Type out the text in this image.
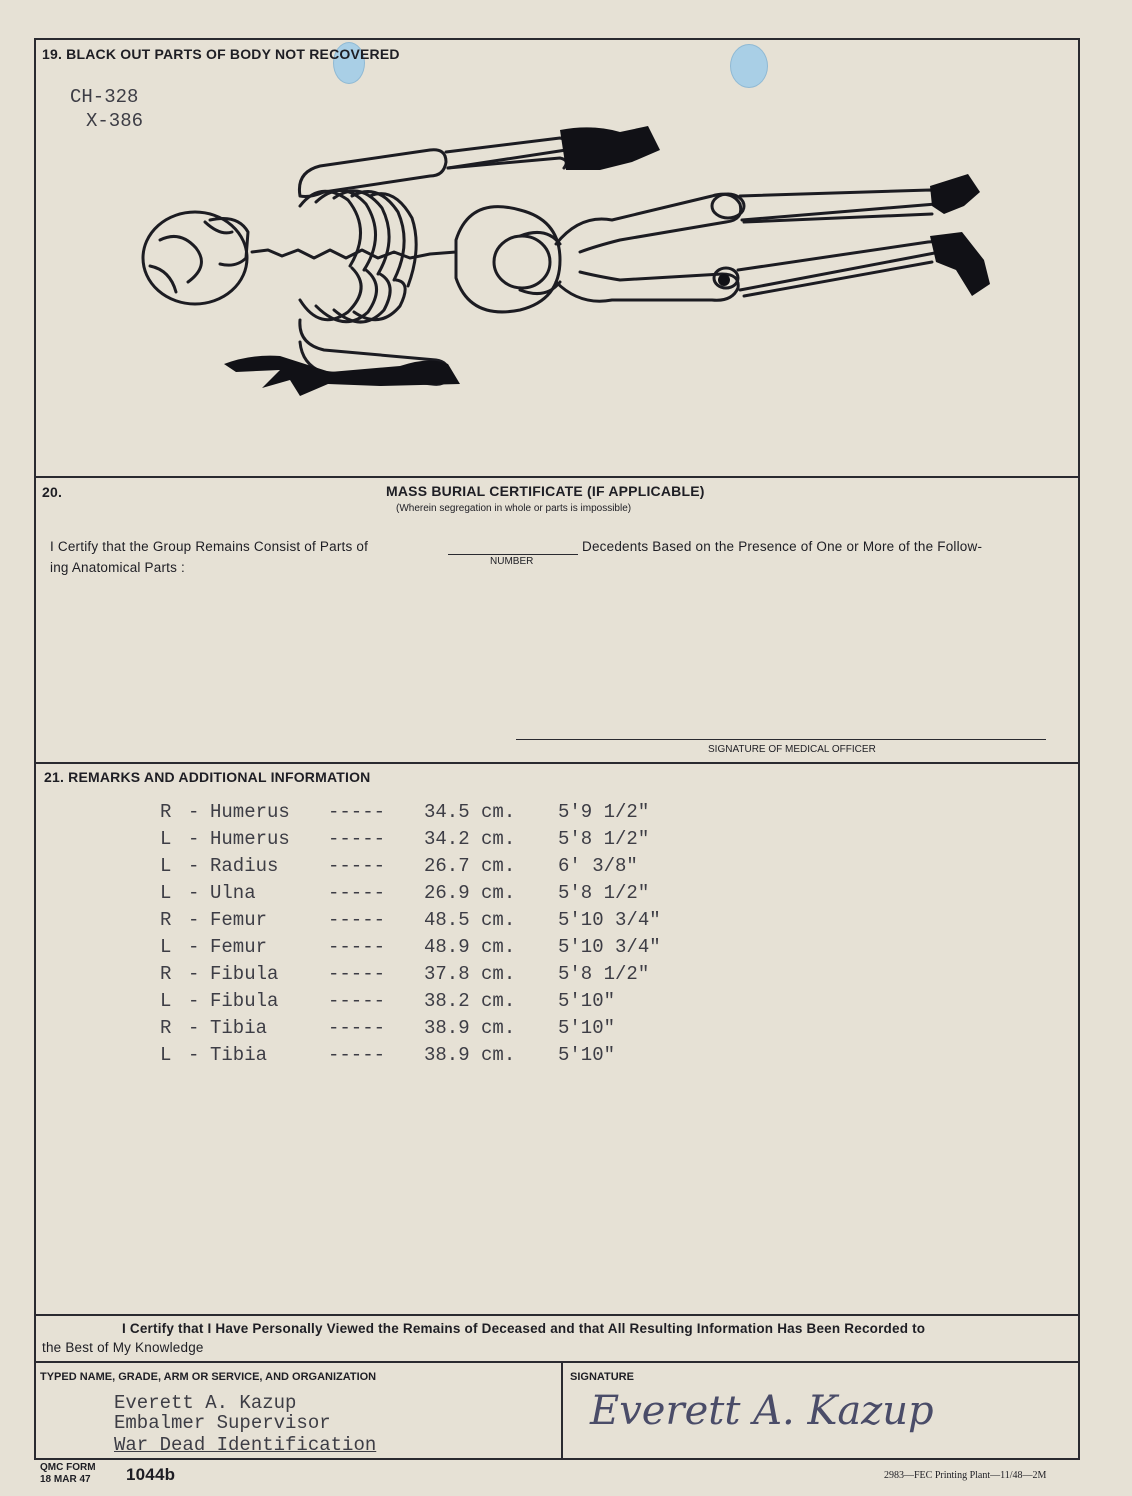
19. BLACK OUT PARTS OF BODY NOT RECOVERED
CH-328
X-386
20.	MASS BURIAL CERTIFICATE (IF APPLICABLE)
(Wherein segregation in whole or parts is impossible)
I Certify that the Group Remains Consist of Parts of
NUMBER
Decedents Based on the Presence of One or More of the Follow-
ing Anatomical Parts :
SIGNATURE OF MEDICAL OFFICER
21. REMARKS AND ADDITIONAL INFORMATION
R	-	Humerus	-----	34.5 cm.	5'9 1/2"
L	-	Humerus	-----	34.2 cm.	5'8 1/2"
L	-	Radius	-----	26.7 cm.	6' 3/8"
L	-	Ulna	-----	26.9 cm.	5'8 1/2"
R	-	Femur	-----	48.5 cm.	5'10 3/4"
L	-	Femur	-----	48.9 cm.	5'10 3/4"
R	-	Fibula	-----	37.8 cm.	5'8 1/2"
L	-	Fibula	-----	38.2 cm.	5'10"
R	-	Tibia	-----	38.9 cm.	5'10"
L	-	Tibia	-----	38.9 cm.	5'10"
I Certify that I Have Personally Viewed the Remains of Deceased and that All Resulting Information Has Been Recorded to
the Best of My Knowledge
TYPED NAME, GRADE, ARM OR SERVICE, AND ORGANIZATION
Everett A. Kazup
Embalmer Supervisor
War Dead Identification
SIGNATURE
Everett A. Kazup
QMC FORM
18 MAR 47 1044b	2983—FEC Printing Plant—11/48—2M
